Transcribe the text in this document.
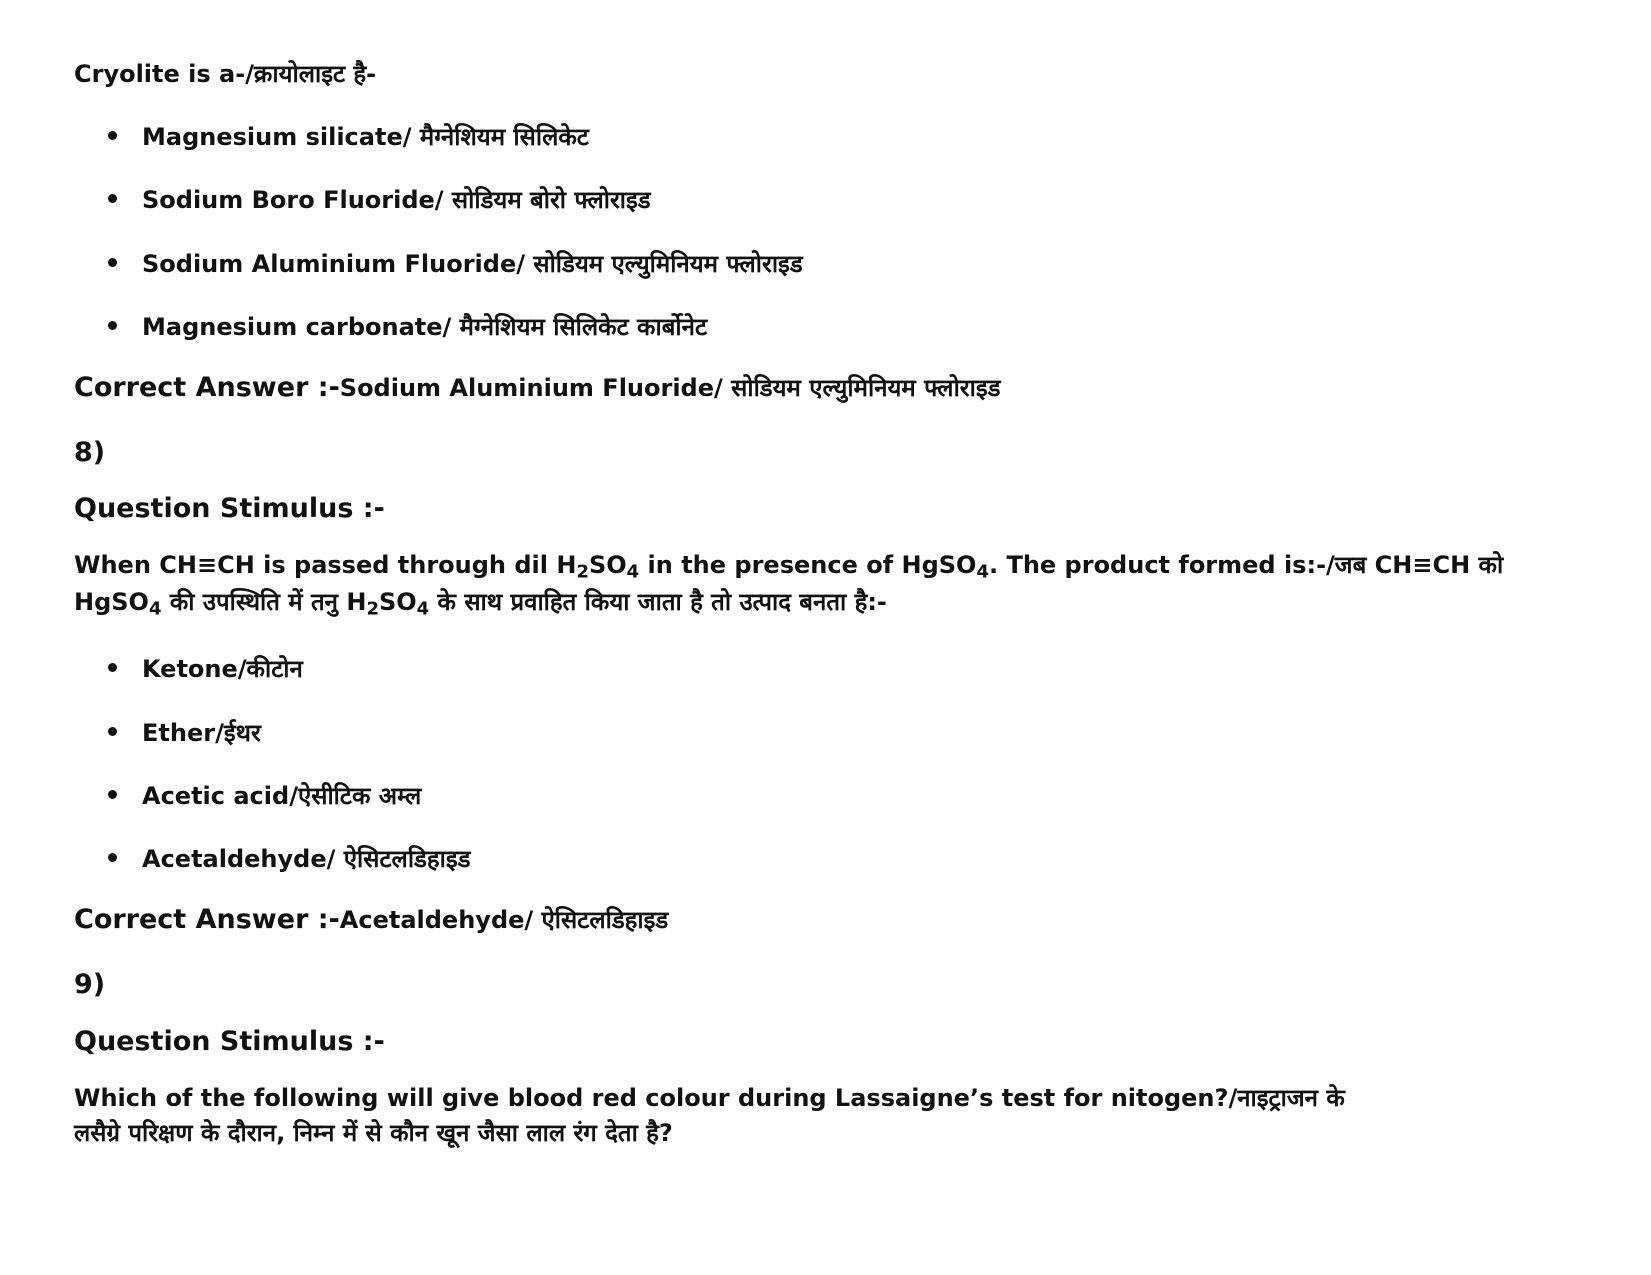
Cryolite is a-/क्रायोलाइट है-
Magnesium silicate/ मैग्नेशियम सिलिकेट
Sodium Boro Fluoride/ सोडियम बोरो फ्लोराइड
Sodium Aluminium Fluoride/ सोडियम एल्युमिनियम फ्लोराइड
Magnesium carbonate/ मैग्नेशियम सिलिकेट कार्बोनेट
Correct Answer :-Sodium Aluminium Fluoride/ सोडियम एल्युमिनियम फ्लोराइड
8)
Question Stimulus :-
When CH≡CH is passed through dil $H_2SO_4$ in the presence of HgSO$_4$. The product formed is:-/जब CH≡CH को
HgSO$_4$ की उपस्थिति में तनु $H_2SO_4$ के साथ प्रवाहित किया जाता है तो उत्पाद बनता है:-
Ketone/कीटोन
Ether/ईथर
Acetic acid/ऐसीटिक अम्ल
Acetaldehyde/ ऐसिटलडिहाइड
Correct Answer :-Acetaldehyde/ ऐसिटलडिहाइड
9)
Question Stimulus :-
Which of the following will give blood red colour during Lassaigne’s test for nitogen?/नाइट्राजन के
लसैग्रे परिक्षण के दौरान, निम्न में से कौन खून जैसा लाल रंग देता है?
